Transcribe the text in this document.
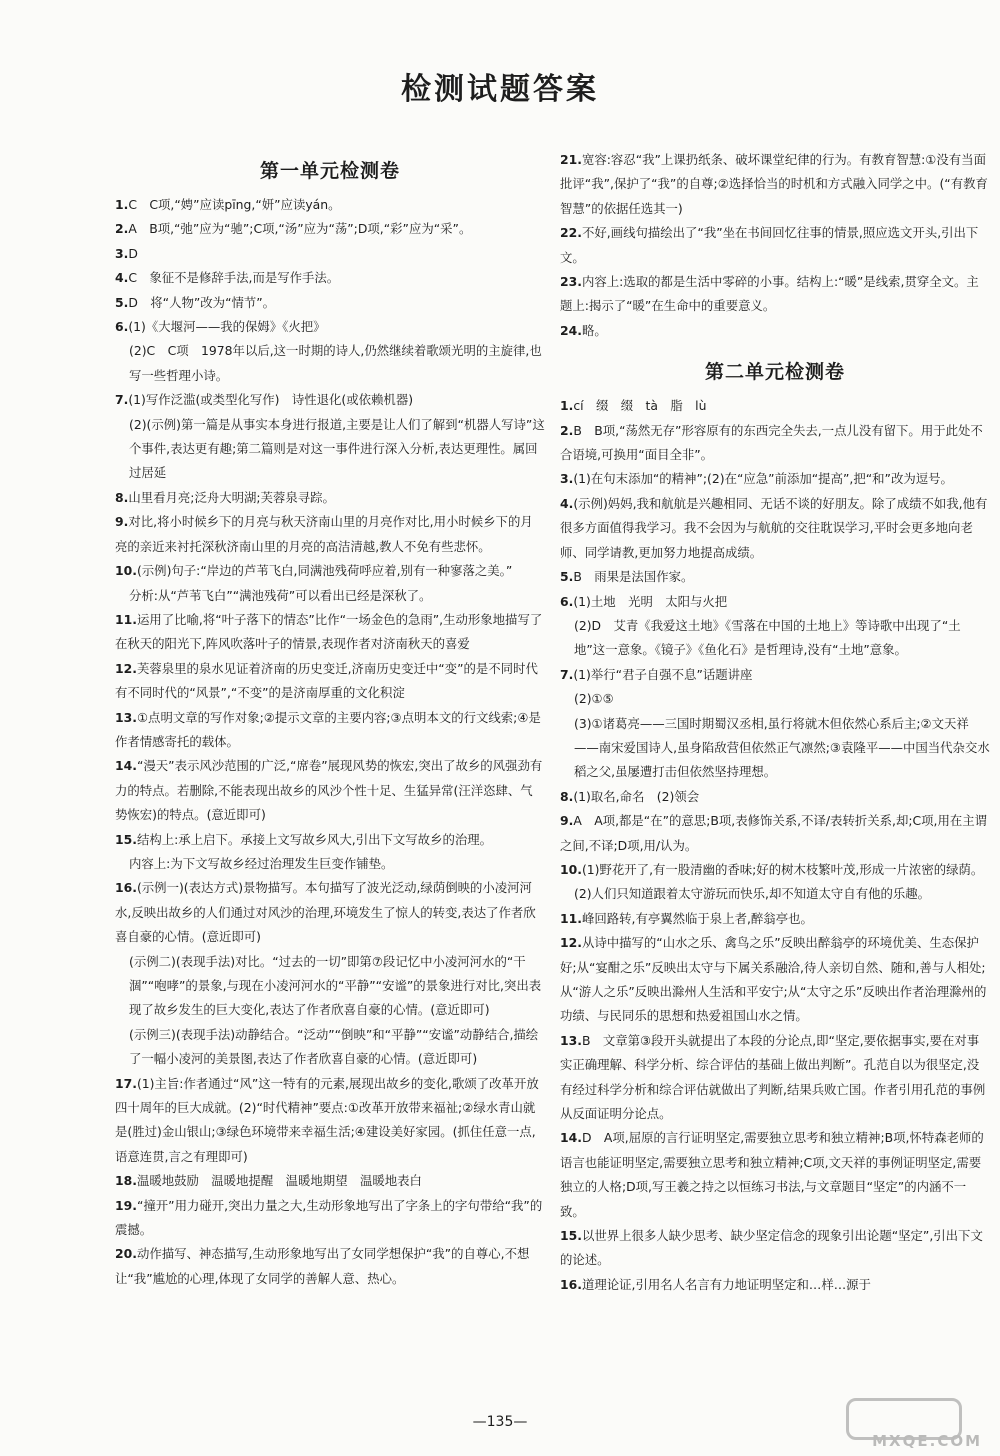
检测试题答案
第一单元检测卷
1.C　C项,“娉”应读pīng,“妍”应读yán。
2.A　B项,“弛”应为“驰”;C项,“汤”应为“荡”;D项,“彩”应为“采”。
3.D
4.C　象征不是修辞手法,而是写作手法。
5.D　将“人物”改为“情节”。
6.(1)《大堰河——我的保姆》《火把》
(2)C　C项　1978年以后,这一时期的诗人,仍然继续着歌颂光明的主旋律,也写一些哲理小诗。
7.(1)写作泛滥(或类型化写作)　诗性退化(或依赖机器)
(2)(示例)第一篇是从事实本身进行报道,主要是让人们了解到“机器人写诗”这个事件,表达更有趣;第二篇则是对这一事件进行深入分析,表达更理性。属回过居延
8.山里看月亮;泛舟大明湖;芙蓉泉寻踪。
9.对比,将小时候乡下的月亮与秋天济南山里的月亮作对比,用小时候乡下的月亮的亲近来衬托深秋济南山里的月亮的高洁清越,教人不免有些悲怀。
10.(示例)句子:“岸边的芦苇飞白,同满池残荷呼应着,别有一种寥落之美。”
分析:从“芦苇飞白”“满池残荷”可以看出已经是深秋了。
11.运用了比喻,将“叶子落下的情态”比作“一场金色的急雨”,生动形象地描写了在秋天的阳光下,阵风吹落叶子的情景,表现作者对济南秋天的喜爱
12.芙蓉泉里的泉水见证着济南的历史变迁,济南历史变迁中“变”的是不同时代有不同时代的“风景”,“不变”的是济南厚重的文化积淀
13.①点明文章的写作对象;②提示文章的主要内容;③点明本文的行文线索;④是作者情感寄托的载体。
14.“漫天”表示风沙范围的广泛,“席卷”展现风势的恢宏,突出了故乡的风强劲有力的特点。若删除,不能表现出故乡的风沙个性十足、生猛异常(汪洋恣肆、气势恢宏)的特点。(意近即可)
15.结构上:承上启下。承接上文写故乡风大,引出下文写故乡的治理。
内容上:为下文写故乡经过治理发生巨变作铺垫。
16.(示例一)(表达方式)景物描写。本句描写了波光泛动,绿荫倒映的小凌河河水,反映出故乡的人们通过对风沙的治理,环境发生了惊人的转变,表达了作者欣喜自豪的心情。(意近即可)
(示例二)(表现手法)对比。“过去的一切”即第⑦段记忆中小凌河河水的“干涸”“咆哮”的景象,与现在小凌河河水的“平静”“安谧”的景象进行对比,突出表现了故乡发生的巨大变化,表达了作者欣喜自豪的心情。(意近即可)
(示例三)(表现手法)动静结合。“泛动”“倒映”和“平静”“安谧”动静结合,描绘了一幅小凌河的美景图,表达了作者欣喜自豪的心情。(意近即可)
17.(1)主旨:作者通过“风”这一特有的元素,展现出故乡的变化,歌颂了改革开放四十周年的巨大成就。(2)“时代精神”要点:①改革开放带来福祉;②绿水青山就是(胜过)金山银山;③绿色环境带来幸福生活;④建设美好家园。(抓住任意一点,语意连贯,言之有理即可)
18.温暖地鼓励　温暖地提醒　温暖地期望　温暖地表白
19.“撞开”用力碰开,突出力量之大,生动形象地写出了字条上的字句带给“我”的震撼。
20.动作描写、神态描写,生动形象地写出了女同学想保护“我”的自尊心,不想让“我”尴尬的心理,体现了女同学的善解人意、热心。
21.宽容:容忍“我”上课扔纸条、破坏课堂纪律的行为。有教育智慧:①没有当面批评“我”,保护了“我”的自尊;②选择恰当的时机和方式融入同学之中。(“有教育智慧”的依据任选其一)
22.不好,画线句描绘出了“我”坐在书间回忆往事的情景,照应选文开头,引出下文。
23.内容上:选取的都是生活中零碎的小事。结构上:“暖”是线索,贯穿全文。主题上:揭示了“暖”在生命中的重要意义。
24.略。
第二单元检测卷
1.cí　缀　缀　tà　脂　lù
2.B　B项,“荡然无存”形容原有的东西完全失去,一点儿没有留下。用于此处不合语境,可换用“面目全非”。
3.(1)在句末添加“的精神”;(2)在“应急”前添加“提高”,把“和”改为逗号。
4.(示例)妈妈,我和航航是兴趣相同、无话不谈的好朋友。除了成绩不如我,他有很多方面值得我学习。我不会因为与航航的交往耽误学习,平时会更多地向老师、同学请教,更加努力地提高成绩。
5.B　雨果是法国作家。
6.(1)土地　光明　太阳与火把
(2)D　艾青《我爱这土地》《雪落在中国的土地上》等诗歌中出现了“土地”这一意象。《镜子》《鱼化石》是哲理诗,没有“土地”意象。
7.(1)举行“君子自强不息”话题讲座
(2)①⑤
(3)①诸葛亮——三国时期蜀汉丞相,虽行将就木但依然心系后主;②文天祥——南宋爱国诗人,虽身陷敌营但依然正气凛然;③袁隆平——中国当代杂交水稻之父,虽屡遭打击但依然坚持理想。
8.(1)取名,命名　(2)领会
9.A　A项,都是“在”的意思;B项,表修饰关系,不译/表转折关系,却;C项,用在主谓之间,不译;D项,用/认为。
10.(1)野花开了,有一股清幽的香味;好的树木枝繁叶茂,形成一片浓密的绿荫。
(2)人们只知道跟着太守游玩而快乐,却不知道太守自有他的乐趣。
11.峰回路转,有亭翼然临于泉上者,醉翁亭也。
12.从诗中描写的“山水之乐、禽鸟之乐”反映出醉翁亭的环境优美、生态保护好;从“宴酣之乐”反映出太守与下属关系融洽,待人亲切自然、随和,善与人相处;从“游人之乐”反映出滁州人生活和平安宁;从“太守之乐”反映出作者治理滁州的功绩、与民同乐的思想和热爱祖国山水之情。
13.B　文章第③段开头就提出了本段的分论点,即“坚定,要依据事实,要在对事实正确理解、科学分析、综合评估的基础上做出判断”。孔范自以为很坚定,没有经过科学分析和综合评估就做出了判断,结果兵败亡国。作者引用孔范的事例从反面证明分论点。
14.D　A项,屈原的言行证明坚定,需要独立思考和独立精神;B项,怀特森老师的语言也能证明坚定,需要独立思考和独立精神;C项,文天祥的事例证明坚定,需要独立的人格;D项,写王羲之持之以恒练习书法,与文章题目“坚定”的内涵不一致。
15.以世界上很多人缺少思考、缺少坚定信念的现象引出论题“坚定”,引出下文的论述。
16.道理论证,引用名人名言有力地证明坚定和…样…源于
—135—
MXQE.COM
